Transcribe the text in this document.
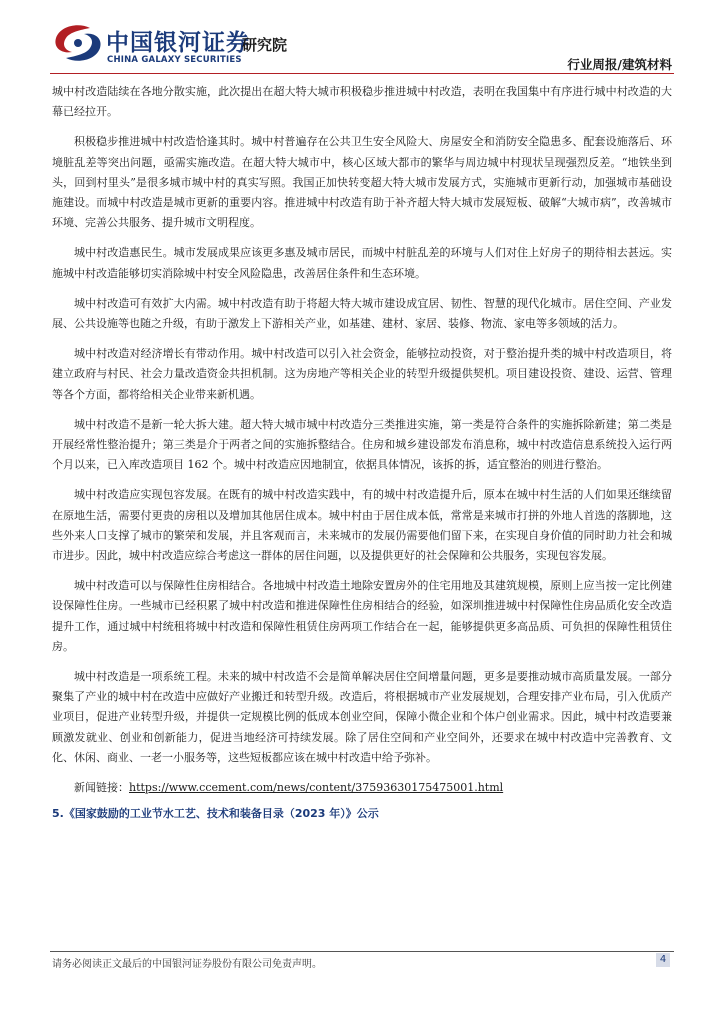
中国银河证券
CHINA GALAXY SECURITIES
研究院
行业周报/建筑材料

城中村改造陆续在各地分散实施，此次提出在超大特大城市积极稳步推进城中村改造，表明在我国集中有序进行城中村改造的大幕已经拉开。

积极稳步推进城中村改造恰逢其时。城中村普遍存在公共卫生安全风险大、房屋安全和消防安全隐患多、配套设施落后、环境脏乱差等突出问题，亟需实施改造。在超大特大城市中，核心区域大都市的繁华与周边城中村现状呈现强烈反差。“地铁坐到头，回到村里头”是很多城市城中村的真实写照。我国正加快转变超大特大城市发展方式，实施城市更新行动，加强城市基础设施建设。而城中村改造是城市更新的重要内容。推进城中村改造有助于补齐超大特大城市发展短板、破解“大城市病”，改善城市环境、完善公共服务、提升城市文明程度。

城中村改造惠民生。城市发展成果应该更多惠及城市居民，而城中村脏乱差的环境与人们对住上好房子的期待相去甚远。实施城中村改造能够切实消除城中村安全风险隐患，改善居住条件和生态环境。

城中村改造可有效扩大内需。城中村改造有助于将超大特大城市建设成宜居、韧性、智慧的现代化城市。居住空间、产业发展、公共设施等也随之升级，有助于激发上下游相关产业，如基建、建材、家居、装修、物流、家电等多领域的活力。

城中村改造对经济增长有带动作用。城中村改造可以引入社会资金，能够拉动投资，对于整治提升类的城中村改造项目，将建立政府与村民、社会力量改造资金共担机制。这为房地产等相关企业的转型升级提供契机。项目建设投资、建设、运营、管理等各个方面，都将给相关企业带来新机遇。

城中村改造不是新一轮大拆大建。超大特大城市城中村改造分三类推进实施，第一类是符合条件的实施拆除新建；第二类是开展经常性整治提升；第三类是介于两者之间的实施拆整结合。住房和城乡建设部发布消息称，城中村改造信息系统投入运行两个月以来，已入库改造项目 162 个。城中村改造应因地制宜，依据具体情况，该拆的拆，适宜整治的则进行整治。

城中村改造应实现包容发展。在既有的城中村改造实践中，有的城中村改造提升后，原本在城中村生活的人们如果还继续留在原地生活，需要付更贵的房租以及增加其他居住成本。城中村由于居住成本低，常常是来城市打拼的外地人首选的落脚地，这些外来人口支撑了城市的繁荣和发展，并且客观而言，未来城市的发展仍需要他们留下来，在实现自身价值的同时助力社会和城市进步。因此，城中村改造应综合考虑这一群体的居住问题，以及提供更好的社会保障和公共服务，实现包容发展。

城中村改造可以与保障性住房相结合。各地城中村改造土地除安置房外的住宅用地及其建筑规模，原则上应当按一定比例建设保障性住房。一些城市已经积累了城中村改造和推进保障性住房相结合的经验，如深圳推进城中村保障性住房品质化安全改造提升工作，通过城中村统租将城中村改造和保障性租赁住房两项工作结合在一起，能够提供更多高品质、可负担的保障性租赁住房。

城中村改造是一项系统工程。未来的城中村改造不会是简单解决居住空间增量问题，更多是要推动城市高质量发展。一部分聚集了产业的城中村在改造中应做好产业搬迁和转型升级。改造后，将根据城市产业发展规划，合理安排产业布局，引入优质产业项目，促进产业转型升级，并提供一定规模比例的低成本创业空间，保障小微企业和个体户创业需求。因此，城中村改造要兼顾激发就业、创业和创新能力，促进当地经济可持续发展。除了居住空间和产业空间外，还要求在城中村改造中完善教育、文化、休闲、商业、一老一小服务等，这些短板都应该在城中村改造中给予弥补。

新闻链接：https://www.ccement.com/news/content/37593630175475001.html
5.《国家鼓励的工业节水工艺、技术和装备目录（2023 年）》公示
请务必阅读正文最后的中国银河证券股份有限公司免责声明。	4
